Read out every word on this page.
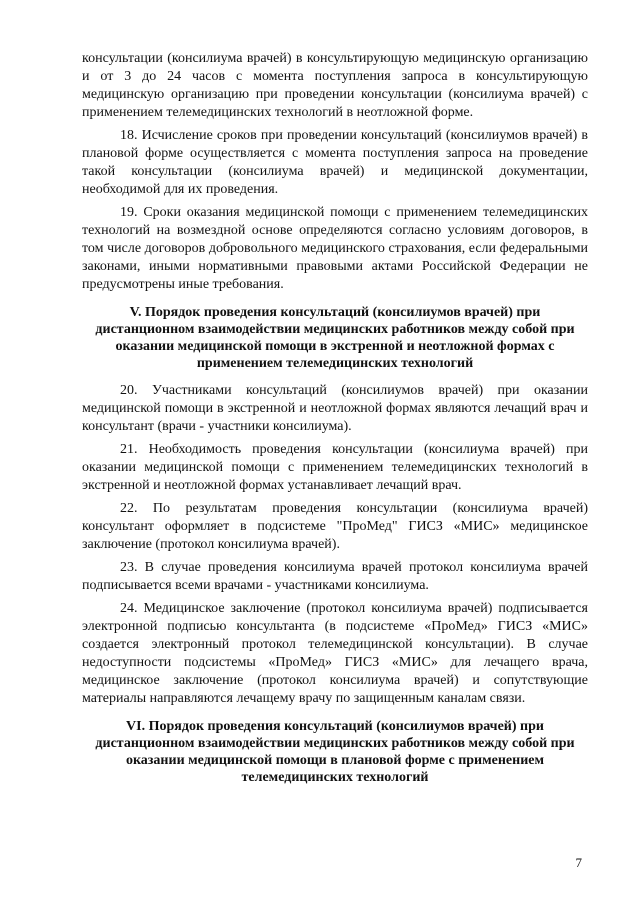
консультации (консилиума врачей) в консультирующую медицинскую организацию и от 3 до 24 часов с момента поступления запроса в консультирующую медицинскую организацию при проведении консультации (консилиума врачей) с применением телемедицинских технологий в неотложной форме.

18. Исчисление сроков при проведении консультаций (консилиумов врачей) в плановой форме осуществляется с момента поступления запроса на проведение такой консультации (консилиума врачей) и медицинской документации, необходимой для их проведения.

19. Сроки оказания медицинской помощи с применением телемедицинских технологий на возмездной основе определяются согласно условиям договоров, в том числе договоров добровольного медицинского страхования, если федеральными законами, иными нормативными правовыми актами Российской Федерации не предусмотрены иные требования.

V. Порядок проведения консультаций (консилиумов врачей) при дистанционном взаимодействии медицинских работников между собой при оказании медицинской помощи в экстренной и неотложной формах с применением телемедицинских технологий

20. Участниками консультаций (консилиумов врачей) при оказании медицинской помощи в экстренной и неотложной формах являются лечащий врач и консультант (врачи - участники консилиума).

21. Необходимость проведения консультации (консилиума врачей) при оказании медицинской помощи с применением телемедицинских технологий в экстренной и неотложной формах устанавливает лечащий врач.

22. По результатам проведения консультации (консилиума врачей) консультант оформляет в подсистеме "ПроМед" ГИСЗ «МИС» медицинское заключение (протокол консилиума врачей).

23. В случае проведения консилиума врачей протокол консилиума врачей подписывается всеми врачами - участниками консилиума.

24. Медицинское заключение (протокол консилиума врачей) подписывается электронной подписью консультанта (в подсистеме «ПроМед» ГИСЗ «МИС» создается электронный протокол телемедицинской консультации). В случае недоступности подсистемы «ПроМед» ГИСЗ «МИС» для лечащего врача, медицинское заключение (протокол консилиума врачей) и сопутствующие материалы направляются лечащему врачу по защищенным каналам связи.

VI. Порядок проведения консультаций (консилиумов врачей) при дистанционном взаимодействии медицинских работников между собой при оказании медицинской помощи в плановой форме с применением телемедицинских технологий
7
